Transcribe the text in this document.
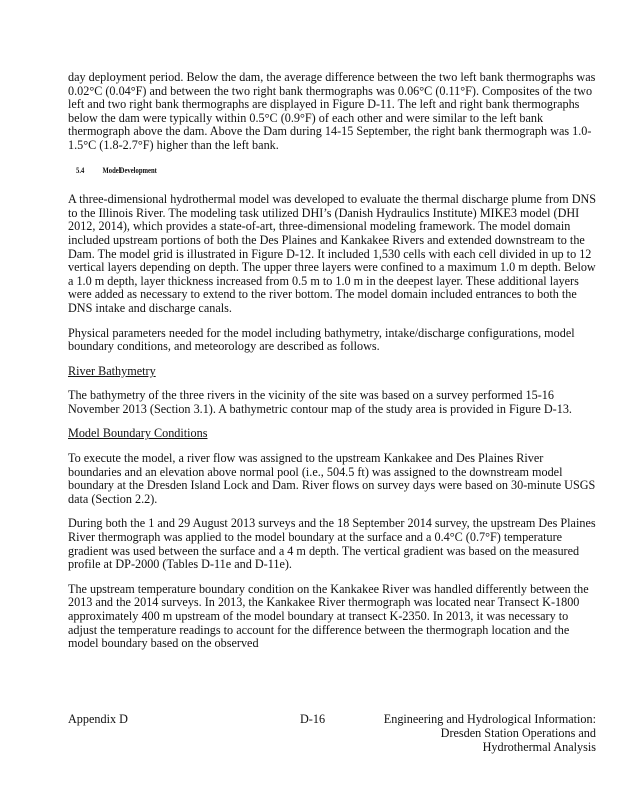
day deployment period. Below the dam, the average difference between the two left bank thermographs was 0.02°C (0.04°F) and between the two right bank thermographs was 0.06°C (0.11°F). Composites of the two left and two right bank thermographs are displayed in Figure D-11. The left and right bank thermographs below the dam were typically within 0.5°C (0.9°F) of each other and were similar to the left bank thermograph above the dam. Above the Dam during 14-15 September, the right bank thermograph was 1.0-1.5°C (1.8-2.7°F) higher than the left bank.

5.4 ModelDevelopment

A three-dimensional hydrothermal model was developed to evaluate the thermal discharge plume from DNS to the Illinois River. The modeling task utilized DHI’s (Danish Hydraulics Institute) MIKE3 model (DHI 2012, 2014), which provides a state-of-art, three-dimensional modeling framework. The model domain included upstream portions of both the Des Plaines and Kankakee Rivers and extended downstream to the Dam. The model grid is illustrated in Figure D-12. It included 1,530 cells with each cell divided in up to 12 vertical layers depending on depth. The upper three layers were confined to a maximum 1.0 m depth. Below a 1.0 m depth, layer thickness increased from 0.5 m to 1.0 m in the deepest layer. These additional layers were added as necessary to extend to the river bottom. The model domain included entrances to both the DNS intake and discharge canals.

Physical parameters needed for the model including bathymetry, intake/discharge configurations, model boundary conditions, and meteorology are described as follows.

River Bathymetry

The bathymetry of the three rivers in the vicinity of the site was based on a survey performed 15-16 November 2013 (Section 3.1). A bathymetric contour map of the study area is provided in Figure D-13.

Model Boundary Conditions

To execute the model, a river flow was assigned to the upstream Kankakee and Des Plaines River boundaries and an elevation above normal pool (i.e., 504.5 ft) was assigned to the downstream model boundary at the Dresden Island Lock and Dam. River flows on survey days were based on 30-minute USGS data (Section 2.2).

During both the 1 and 29 August 2013 surveys and the 18 September 2014 survey, the upstream Des Plaines River thermograph was applied to the model boundary at the surface and a 0.4°C (0.7°F) temperature gradient was used between the surface and a 4 m depth. The vertical gradient was based on the measured profile at DP-2000 (Tables D-11e and D-11e).

The upstream temperature boundary condition on the Kankakee River was handled differently between the 2013 and the 2014 surveys. In 2013, the Kankakee River thermograph was located near Transect K-1800 approximately 400 m upstream of the model boundary at transect K-2350. In 2013, it was necessary to adjust the temperature readings to account for the difference between the thermograph location and the model boundary based on the observed

Appendix D	D-16	Engineering and Hydrological Information:
Dresden Station Operations and
Hydrothermal Analysis
